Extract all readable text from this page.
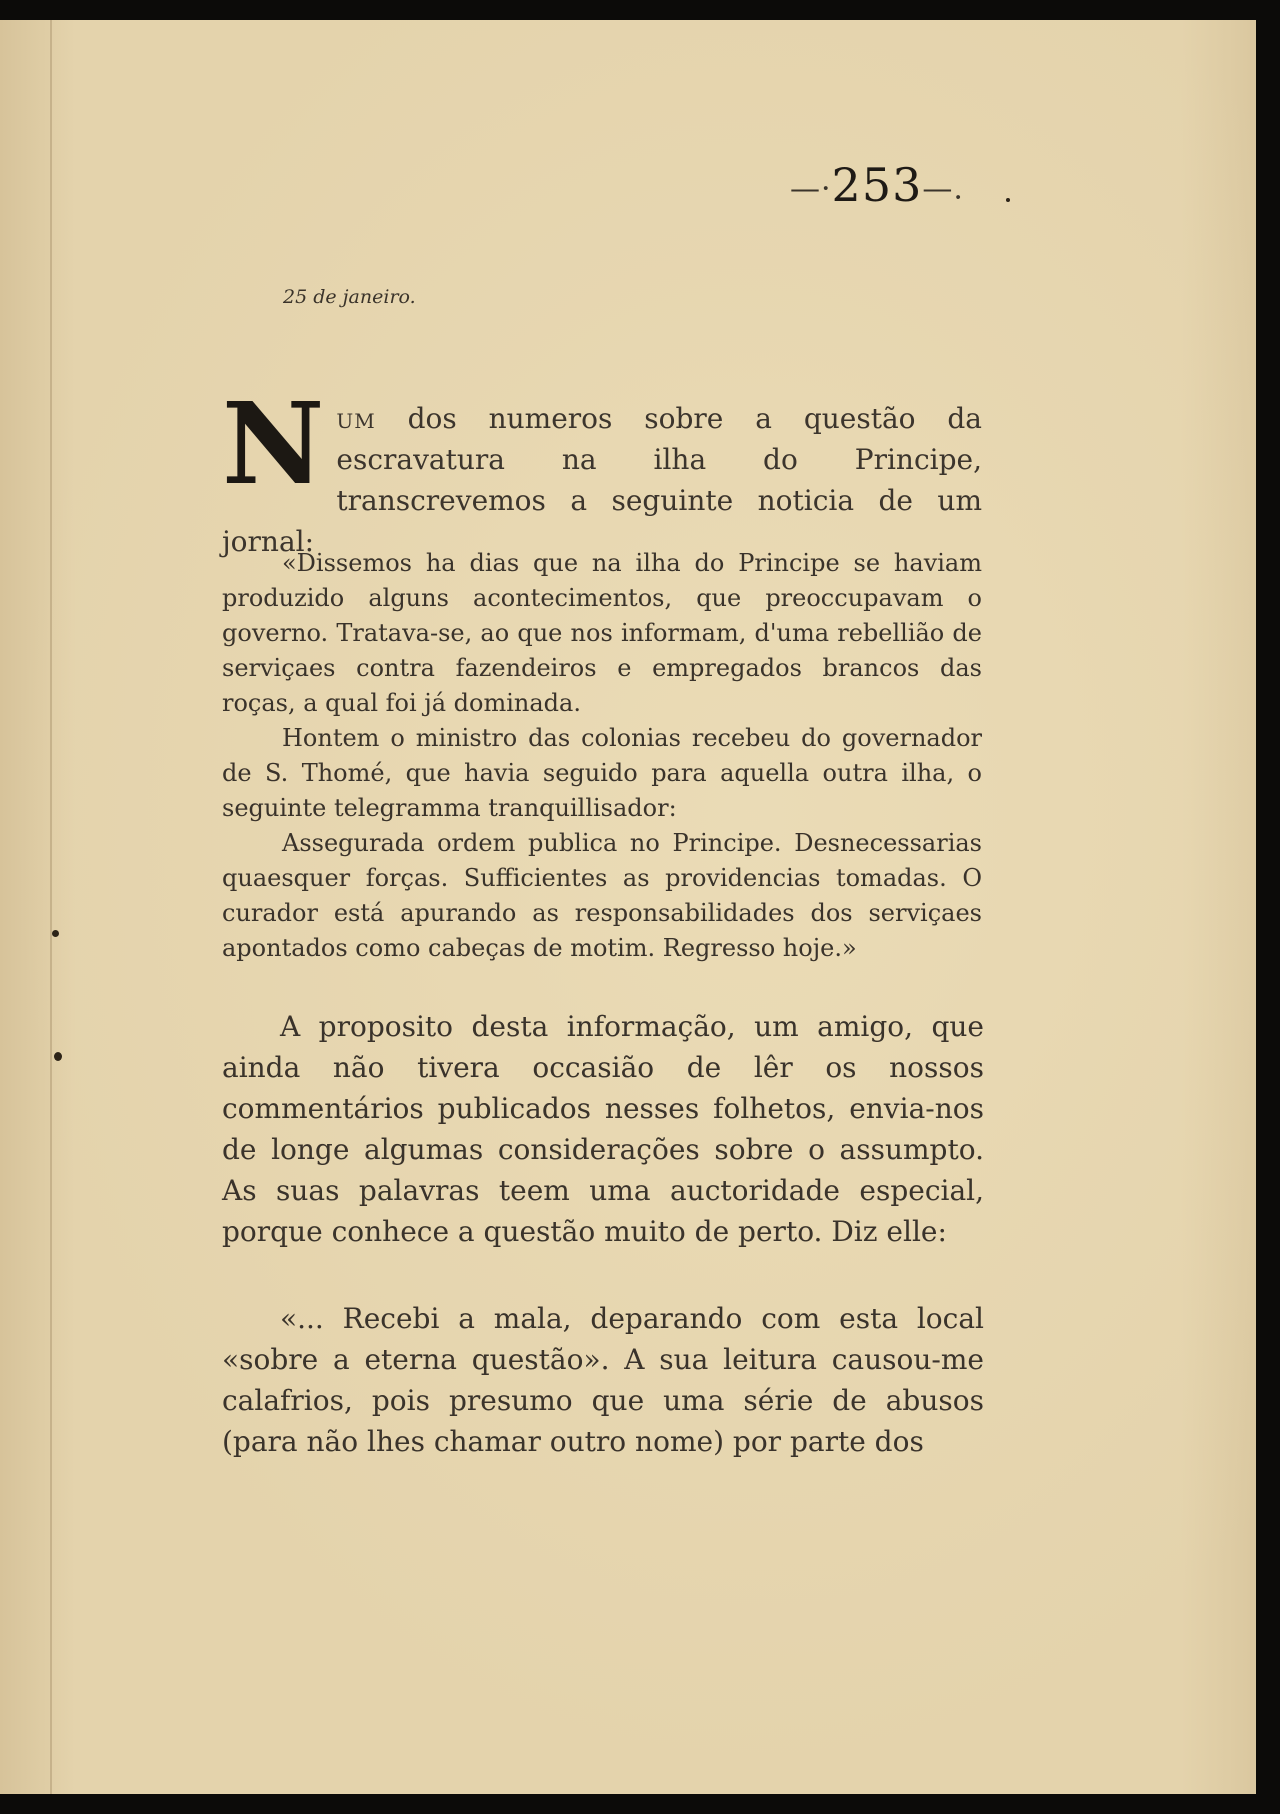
—·253—.
25 de janeiro.
N um dos numeros sobre a questão da escravatura na ilha do Principe, transcrevemos a seguinte noticia de um jornal:

«Dissemos ha dias que na ilha do Principe se haviam produzido alguns acontecimentos, que preoccupavam o governo. Tratava-se, ao que nos informam, d'uma rebellião de serviçaes contra fazendeiros e empregados brancos das roças, a qual foi já dominada.

Hontem o ministro das colonias recebeu do governador de S. Thomé, que havia seguido para aquella outra ilha, o seguinte telegramma tranquillisador:

Assegurada ordem publica no Principe. Desnecessarias quaesquer forças. Sufficientes as providencias tomadas. O curador está apurando as responsabilidades dos serviçaes apontados como cabeças de motim. Regresso hoje.»

A proposito desta informação, um amigo, que ainda não tivera occasião de lêr os nossos commentários publicados nesses folhetos, envia-nos de longe algumas considerações sobre o assumpto. As suas palavras teem uma auctoridade especial, porque conhece a questão muito de perto. Diz elle:

«... Recebi a mala, deparando com esta local «sobre a eterna questão». A sua leitura causou-me calafrios, pois presumo que uma série de abusos (para não lhes chamar outro nome) por parte dos
